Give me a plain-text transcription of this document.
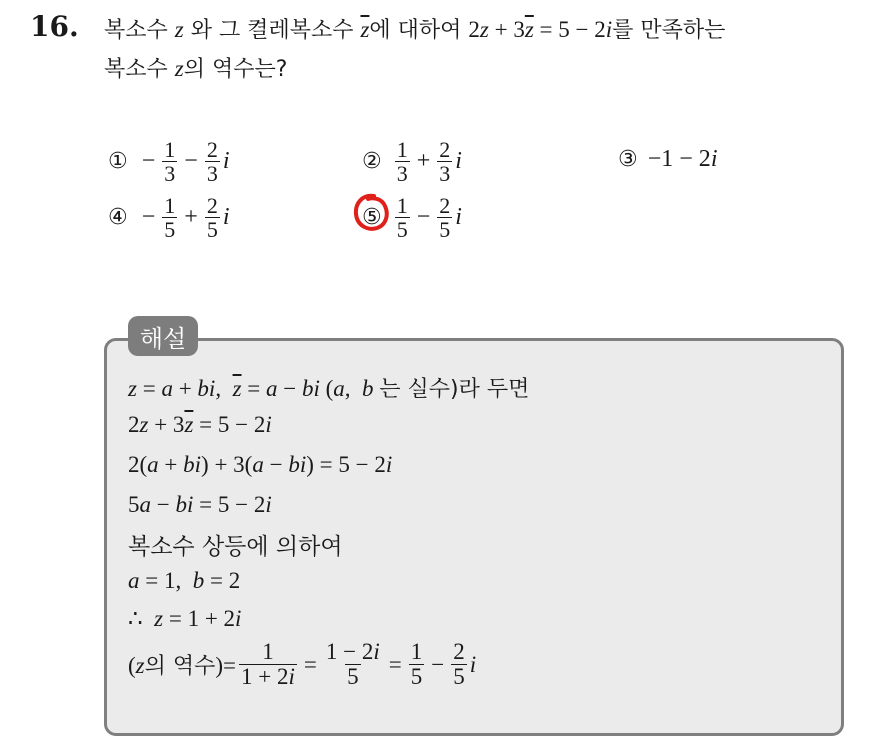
16. 복소수 z 와 그 켤레복소수 $\overline{z}$에 대하여 $2z + 3\overline{z} = 5 - 2i$를 만족하는
복소수 z의 역수는?
① − $\frac{1}{3} - \frac{2}{3}$ i	② $\frac{1}{3} + \frac{2}{3}$ i	③ −1 − 2i
④ − $\frac{1}{5} + \frac{2}{5}$ i	⑤ $\frac{1}{5} - \frac{2}{5}$ i
해설
z = a + bi,  $\overline{z} = a$ − bi (a,  b 는 실수)라 두면
$2z + 3\overline{z} = 5 - 2i$
2(a + bi) + 3(a − bi) = 5 − 2i
5a − bi = 5 − 2i
복소수 상등에 의하여
a = 1,  b = 2
∴  z = 1 + 2i
(z의 역수)= $\frac{1}{1 + 2i} = \frac{1 - 2i}{5} = \frac{1}{5} - \frac{2}{5}$ i
